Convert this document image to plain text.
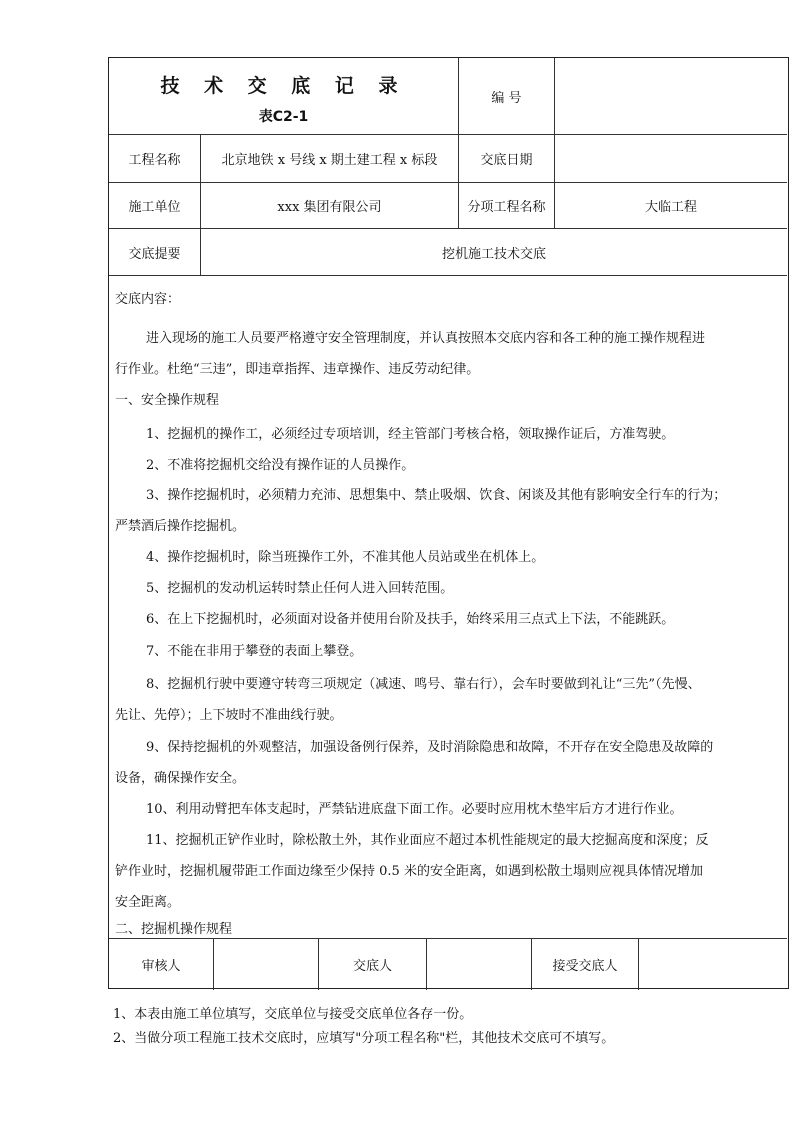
技 术 交 底 记 录
表C2-1
编 号
工程名称	北京地铁 x 号线 x 期土建工程 x 标段	交底日期
施工单位	xxx 集团有限公司	分项工程名称	大临工程
交底提要	挖机施工技术交底
交底内容：
进入现场的施工人员要严格遵守安全管理制度，并认真按照本交底内容和各工种的施工操作规程进
行作业。杜绝“三违”，即违章指挥、违章操作、违反劳动纪律。
一、安全操作规程
1、挖掘机的操作工，必须经过专项培训，经主管部门考核合格，领取操作证后，方准驾驶。
2、不准将挖掘机交给没有操作证的人员操作。
3、操作挖掘机时，必须精力充沛、思想集中、禁止吸烟、饮食、闲谈及其他有影响安全行车的行为；
严禁酒后操作挖掘机。
4、操作挖掘机时，除当班操作工外，不准其他人员站或坐在机体上。
5、挖掘机的发动机运转时禁止任何人进入回转范围。
6、在上下挖掘机时，必须面对设备并使用台阶及扶手，始终采用三点式上下法，不能跳跃。
7、不能在非用于攀登的表面上攀登。
8、挖掘机行驶中要遵守转弯三项规定（减速、鸣号、靠右行），会车时要做到礼让“三先”（先慢、
先让、先停）；上下坡时不准曲线行驶。
9、保持挖掘机的外观整洁，加强设备例行保养，及时消除隐患和故障，不开存在安全隐患及故障的
设备，确保操作安全。
10、利用动臂把车体支起时，严禁钻进底盘下面工作。必要时应用枕木垫牢后方才进行作业。
11、挖掘机正铲作业时，除松散土外，其作业面应不超过本机性能规定的最大挖掘高度和深度；反
铲作业时，挖掘机履带距工作面边缘至少保持 0.5 米的安全距离，如遇到松散土塌则应视具体情况增加
安全距离。
二、挖掘机操作规程
审核人	交底人	接受交底人
1、本表由施工单位填写，交底单位与接受交底单位各存一份。
2、当做分项工程施工技术交底时，应填写"分项工程名称"栏，其他技术交底可不填写。
